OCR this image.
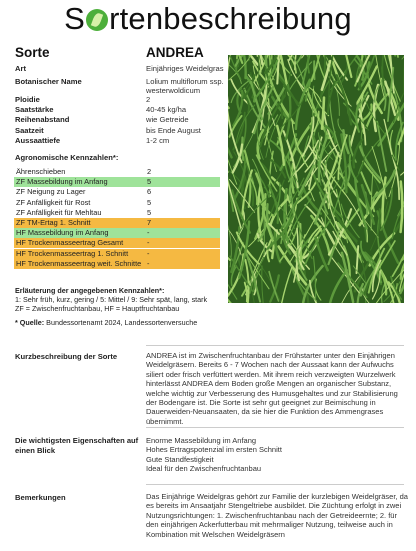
S rtenbeschreibung
Sorte	ANDREA
Art	Einjähriges Weidelgras
Botanischer Name	Lolium multiflorum ssp. westerwoldicum
Ploidie	2
Saatstärke	40-45 kg/ha
Reihenabstand	wie Getreide
Saatzeit	bis Ende August
Aussaattiefe	1-2 cm
Agronomische Kennzahlen*:
Ährenschieben	2
ZF Massebildung im Anfang	5
ZF Neigung zu Lager	6
ZF Anfälligkeit für Rost	5
ZF Anfälligkeit für Mehltau	5
ZF TM-Ertag 1. Schnitt	7
HF Massebildung im Anfang	-
HF Trockenmasseertrag Gesamt	-
HF Trockenmasseertrag 1. Schnitt	-
HF Trockenmasseertrag weit. Schnitte -
Erläuterung der angegebenen Kennzahlen*:
1: Sehr früh, kurz, gering / 5: Mittel / 9: Sehr spät, lang, stark
ZF = Zwischenfruchtanbau, HF = Hauptfruchtanbau
* Quelle: Bundessortenamt 2024, Landessortenversuche
Kurzbeschreibung der Sorte	ANDREA ist im Zwischenfruchtanbau der Frühstarter unter den Einjährigen Weidelgräsern. Bereits 6 - 7 Wochen nach der Aussaat kann der Aufwuchs siliert oder frisch verfüttert werden. Mit ihrem reich verzweigten Wurzelwerk hinterlässt ANDREA dem Boden große Mengen an organischer Substanz, welche wichtig zur Verbesserung des Humusgehaltes und zur Stabilisierung der Bodengare ist. Die Sorte ist sehr gut geeignet zur Beimischung in Dauerweiden-Neuansaaten, da sie hier die Funktion des Ammengrases übernimmt.
Die wichtigsten Eigenschaften auf einen Blick
Enorme Massebildung im Anfang
Hohes Ertragspotenzial im ersten Schnitt
Gute Standfestigkeit
Ideal für den Zwischenfruchtanbau
Bemerkungen	Das Einjährige Weidelgras gehört zur Familie der kurzlebigen Weidelgräser, da es bereits im Ansaatjahr Stengeltriebe ausbildet. Die Züchtung erfolgt in zwei Nutzungsrichtungen: 1. Zwischenfruchtanbau nach der Getreideernte; 2. für den einjährigen Ackerfutterbau mit mehrmaliger Nutzung, teilweise auch in Kombination mit Welschen Weidelgräsern
